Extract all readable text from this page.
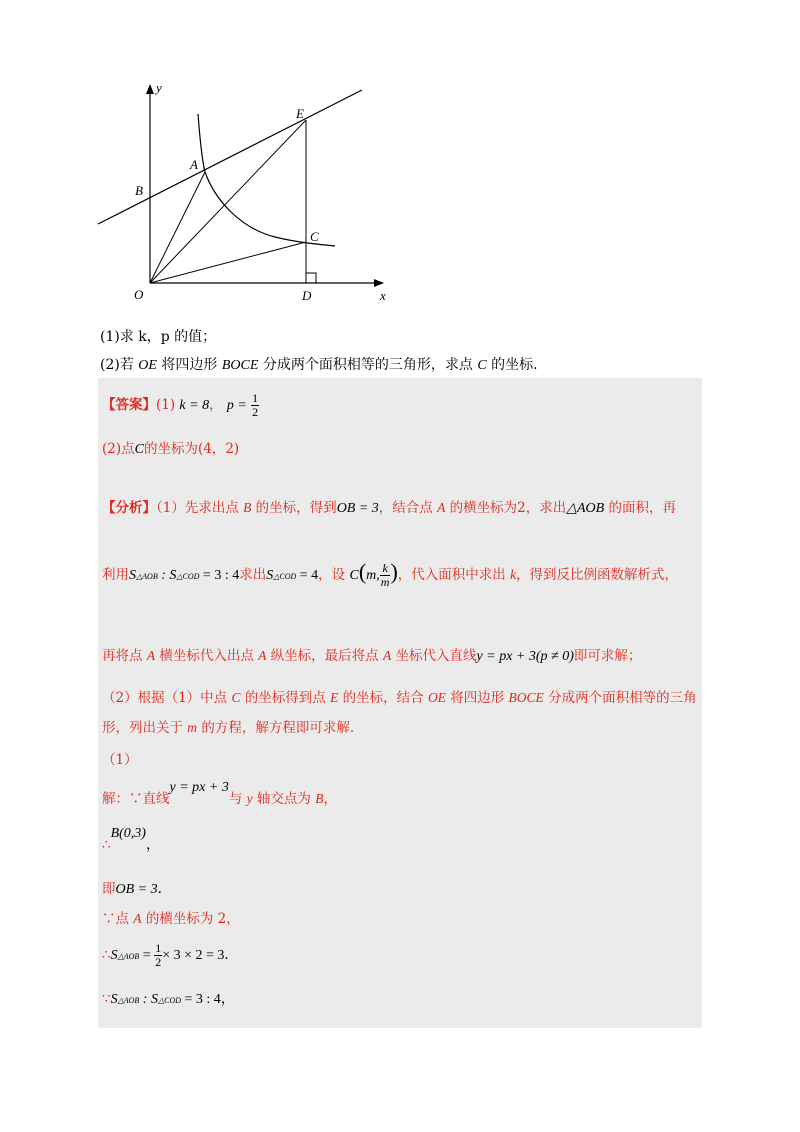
y
E
A
B
C
O	D	x
(1)求 k，p 的值；
(2)若 OE 将四边形 BOCE 分成两个面积相等的三角形，求点 C 的坐标.
【答案】(1) k = 8， $p = \frac{1}{2}$
(2)点C的坐标为(4，2)
【分析】（1）先求出点 B 的坐标，得到OB = 3，结合点 A 的横坐标为2，求出△AOB 的面积，再
利用S△AOB : S△COD = 3 : 4求出S△COD = 4，设 C(m, $\frac{k}{m}$ )，代入面积中求出 k，得到反比例函数解析式，
再将点 A 横坐标代入出点 A 纵坐标，最后将点 A 坐标代入直线y = px + 3(p ≠ 0)即可求解；
（2）根据（1）中点 C 的坐标得到点 E 的坐标，结合 OE 将四边形 BOCE 分成两个面积相等的三角
形，列出关于 m 的方程，解方程即可求解.
（1）
解：∵直线y = px + 3与 y 轴交点为 B，
∴B(0,3)，
即OB = 3．
∵点 A 的横坐标为 2，
∴S△AOB = $\frac{1}{2} \times 3 \times 2 = 3$．
∵S△AOB : S△COD = 3 : 4，
